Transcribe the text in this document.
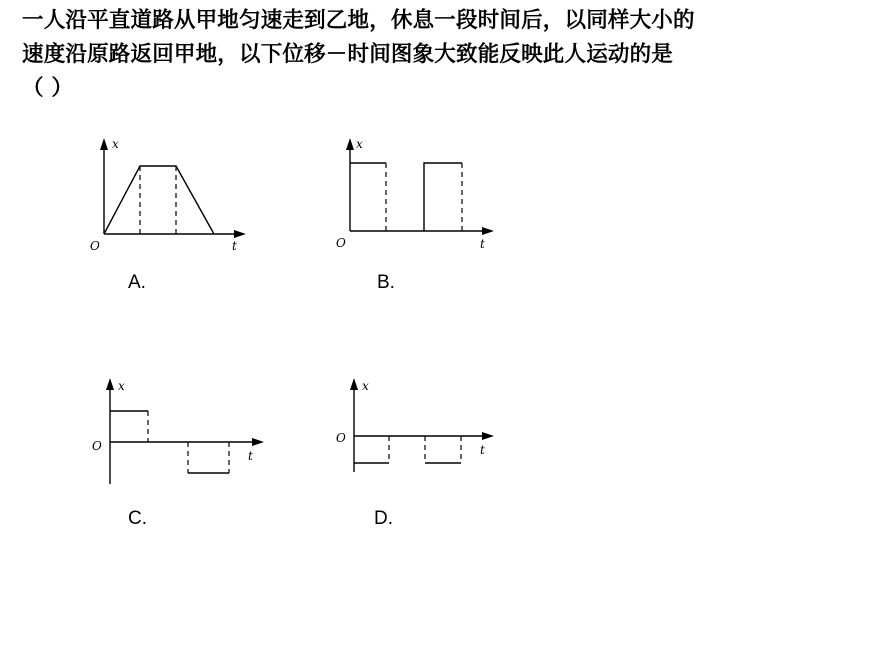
一人沿平直道路从甲地匀速走到乙地，休息一段时间后，以同样大小的
速度沿原路返回甲地，以下位移－时间图象大致能反映此人运动的是
（ ）
x
t
O
A.
x
t
O
B.
x
t
O
C.
x
t
O
D.
